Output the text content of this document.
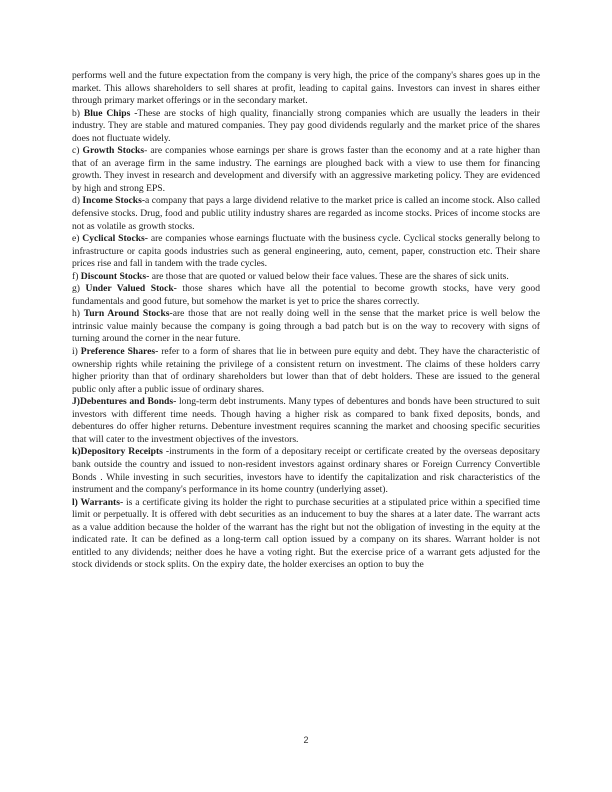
performs well and the future expectation from the company is very high, the price of the company's shares goes up in the market. This allows shareholders to sell shares at profit, leading to capital gains. Investors can invest in shares either through primary market offerings or in the secondary market.

b) Blue Chips -These are stocks of high quality, financially strong companies which are usually the leaders in their industry. They are stable and matured companies. They pay good dividends regularly and the market price of the shares does not fluctuate widely.

c) Growth Stocks- are companies whose earnings per share is grows faster than the economy and at a rate higher than that of an average firm in the same industry. The earnings are ploughed back with a view to use them for financing growth. They invest in research and development and diversify with an aggressive marketing policy. They are evidenced by high and strong EPS.

d) Income Stocks-a company that pays a large dividend relative to the market price is called an income stock. Also called defensive stocks. Drug, food and public utility industry shares are regarded as income stocks. Prices of income stocks are not as volatile as growth stocks.

e) Cyclical Stocks- are companies whose earnings fluctuate with the business cycle. Cyclical stocks generally belong to infrastructure or capita goods industries such as general engineering, auto, cement, paper, construction etc. Their share prices rise and fall in tandem with the trade cycles.

f) Discount Stocks- are those that are quoted or valued below their face values. These are the shares of sick units.

g) Under Valued Stock- those shares which have all the potential to become growth stocks, have very good fundamentals and good future, but somehow the market is yet to price the shares correctly.

h) Turn Around Stocks-are those that are not really doing well in the sense that the market price is well below the intrinsic value mainly because the company is going through a bad patch but is on the way to recovery with signs of turning around the corner in the near future.

i) Preference Shares- refer to a form of shares that lie in between pure equity and debt. They have the characteristic of ownership rights while retaining the privilege of a consistent return on investment. The claims of these holders carry higher priority than that of ordinary shareholders but lower than that of debt holders. These are issued to the general public only after a public issue of ordinary shares.

J)Debentures and Bonds- long-term debt instruments. Many types of debentures and bonds have been structured to suit investors with different time needs. Though having a higher risk as compared to bank fixed deposits, bonds, and debentures do offer higher returns. Debenture investment requires scanning the market and choosing specific securities that will cater to the investment objectives of the investors.

k)Depository Receipts -instruments in the form of a depositary receipt or certificate created by the overseas depositary bank outside the country and issued to non-resident investors against ordinary shares or Foreign Currency Convertible Bonds . While investing in such securities, investors have to identify the capitalization and risk characteristics of the instrument and the company's performance in its home country (underlying asset).

l) Warrants- is a certificate giving its holder the right to purchase securities at a stipulated price within a specified time limit or perpetually. It is offered with debt securities as an inducement to buy the shares at a later date. The warrant acts as a value addition because the holder of the warrant has the right but not the obligation of investing in the equity at the indicated rate. It can be defined as a long-term call option issued by a company on its shares. Warrant holder is not entitled to any dividends; neither does he have a voting right. But the exercise price of a warrant gets adjusted for the stock dividends or stock splits. On the expiry date, the holder exercises an option to buy the

2
